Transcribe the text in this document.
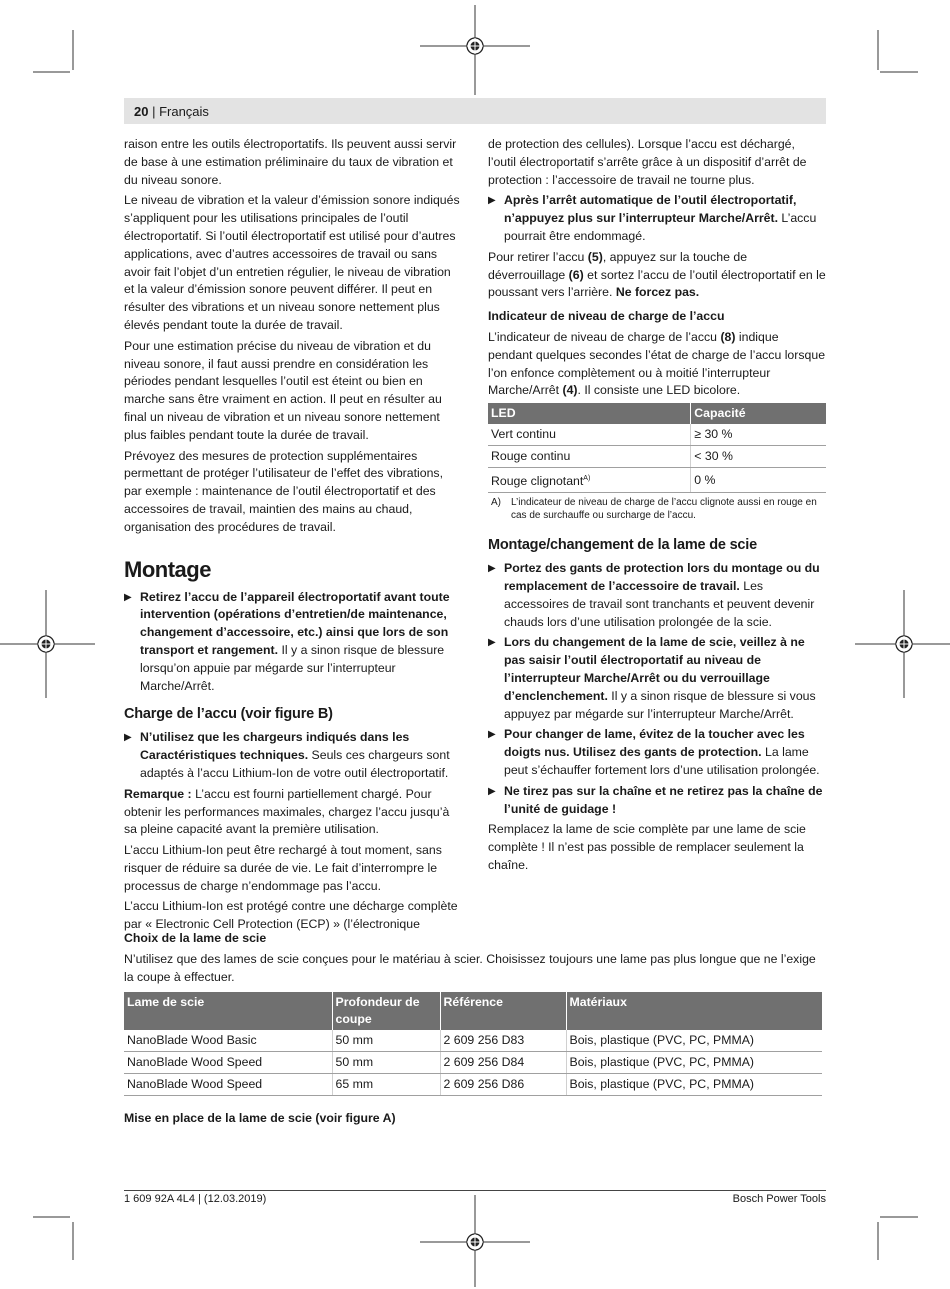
20 | Français

raison entre les outils électroportatifs. Ils peuvent aussi servir de base à une estimation préliminaire du taux de vibration et du niveau sonore.

Le niveau de vibration et la valeur d’émission sonore indiqués s’appliquent pour les utilisations principales de l’outil électroportatif. Si l’outil électroportatif est utilisé pour d’autres applications, avec d’autres accessoires de travail ou sans avoir fait l’objet d’un entretien régulier, le niveau de vibration et la valeur d’émission sonore peuvent différer. Il peut en résulter des vibrations et un niveau sonore nettement plus élevés pendant toute la durée de travail.

Pour une estimation précise du niveau de vibration et du niveau sonore, il faut aussi prendre en considération les périodes pendant lesquelles l’outil est éteint ou bien en marche sans être vraiment en action. Il peut en résulter au final un niveau de vibration et un niveau sonore nettement plus faibles pendant toute la durée de travail.

Prévoyez des mesures de protection supplémentaires permettant de protéger l’utilisateur de l’effet des vibrations, par exemple : maintenance de l’outil électroportatif et des accessoires de travail, maintien des mains au chaud, organisation des procédures de travail.

Montage
▶ Retirez l’accu de l’appareil électroportatif avant toute intervention (opérations d’entretien/de maintenance, changement d’accessoire, etc.) ainsi que lors de son transport et rangement. Il y a sinon risque de blessure lorsqu’on appuie par mégarde sur l’interrupteur Marche/Arrêt.
Charge de l’accu (voir figure B)
▶ N’utilisez que les chargeurs indiqués dans les Caractéristiques techniques. Seuls ces chargeurs sont adaptés à l’accu Lithium-Ion de votre outil électroportatif.

Remarque : L’accu est fourni partiellement chargé. Pour obtenir les performances maximales, chargez l’accu jusqu’à sa pleine capacité avant la première utilisation.

L’accu Lithium-Ion peut être rechargé à tout moment, sans risquer de réduire sa durée de vie. Le fait d’interrompre le processus de charge n’endommage pas l’accu.

L’accu Lithium-Ion est protégé contre une décharge complète par « Electronic Cell Protection (ECP) » (l’électronique

de protection des cellules). Lorsque l’accu est déchargé, l’outil électroportatif s’arrête grâce à un dispositif d’arrêt de protection : l’accessoire de travail ne tourne plus.

▶ Après l’arrêt automatique de l’outil électroportatif, n’appuyez plus sur l’interrupteur Marche/Arrêt. L’accu pourrait être endommagé.

Pour retirer l’accu (5), appuyez sur la touche de déverrouillage (6) et sortez l’accu de l’outil électroportatif en le poussant vers l’arrière. Ne forcez pas.

Indicateur de niveau de charge de l’accu

L’indicateur de niveau de charge de l’accu (8) indique pendant quelques secondes l’état de charge de l’accu lorsque l’on enfonce complètement ou à moitié l’interrupteur Marche/Arrêt (4). Il consiste une LED bicolore.

LED	Capacité
Vert continu	≥ 30 %
Rouge continu	< 30 %
Rouge clignotant$^{A)}$	0 %
A) L’indicateur de niveau de charge de l’accu clignote aussi en rouge en cas de surchauffe ou surcharge de l’accu.
Montage/changement de la lame de scie
▶ Portez des gants de protection lors du montage ou du remplacement de l’accessoire de travail. Les accessoires de travail sont tranchants et peuvent devenir chauds lors d’une utilisation prolongée de la scie.
▶ Lors du changement de la lame de scie, veillez à ne pas saisir l’outil électroportatif au niveau de l’interrupteur Marche/Arrêt ou du verrouillage d’enclenchement. Il y a sinon risque de blessure si vous appuyez par mégarde sur l’interrupteur Marche/Arrêt.
▶ Pour changer de lame, évitez de la toucher avec les doigts nus. Utilisez des gants de protection. La lame peut s’échauffer fortement lors d’une utilisation prolongée.
▶ Ne tirez pas sur la chaîne et ne retirez pas la chaîne de l’unité de guidage !

Remplacez la lame de scie complète par une lame de scie complète ! Il n’est pas possible de remplacer seulement la chaîne.

Choix de la lame de scie

N’utilisez que des lames de scie conçues pour le matériau à scier. Choisissez toujours une lame pas plus longue que ne l’exige la coupe à effectuer.

Lame de scie	Profondeur de coupe	Référence	Matériaux
NanoBlade Wood Basic	50 mm	2 609 256 D83	Bois, plastique (PVC, PC, PMMA)
NanoBlade Wood Speed	50 mm	2 609 256 D84	Bois, plastique (PVC, PC, PMMA)
NanoBlade Wood Speed	65 mm	2 609 256 D86	Bois, plastique (PVC, PC, PMMA)
Mise en place de la lame de scie (voir figure A)
1 609 92A 4L4 | (12.03.2019)	Bosch Power Tools
